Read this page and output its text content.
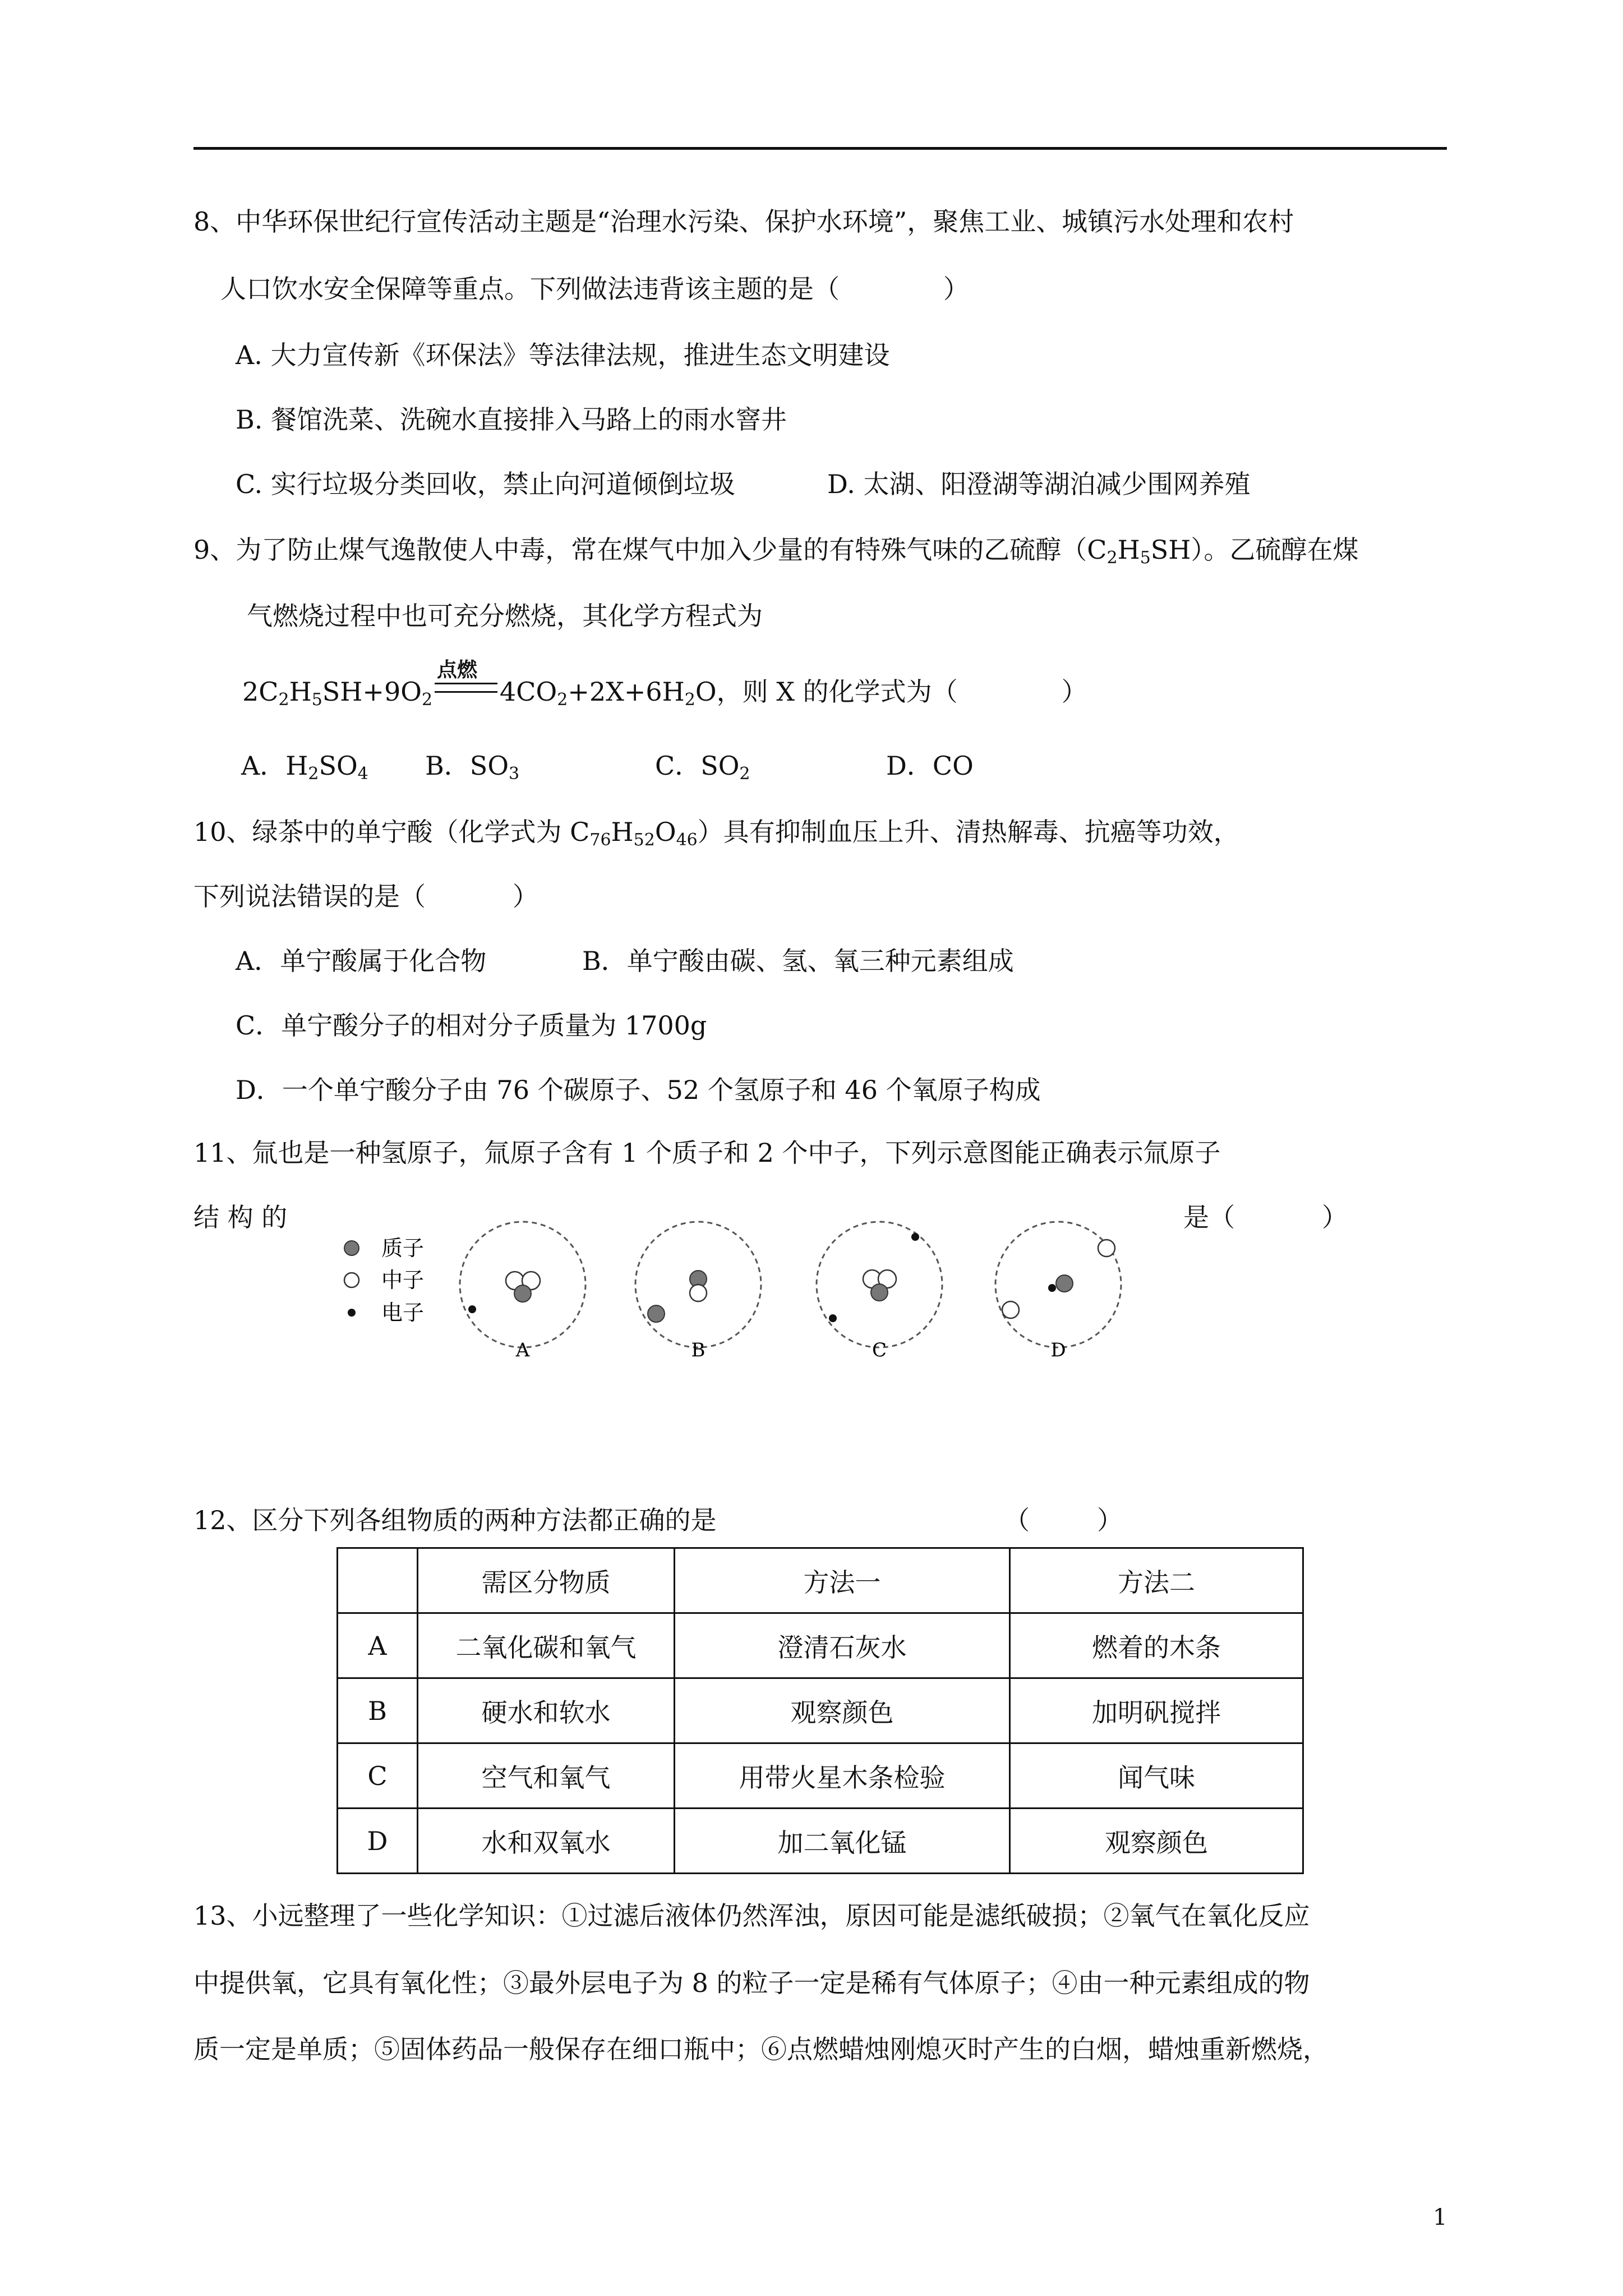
8、中华环保世纪行宣传活动主题是“治理水污染、保护水环境”，聚焦工业、城镇污水处理和农村
人口饮水安全保障等重点。下列做法违背该主题的是（	）
A. 大力宣传新《环保法》等法律法规，推进生态文明建设
B. 餐馆洗菜、洗碗水直接排入马路上的雨水窨井
C. 实行垃圾分类回收，禁止向河道倾倒垃圾	D. 太湖、阳澄湖等湖泊减少围网养殖
9、为了防止煤气逸散使人中毒，常在煤气中加入少量的有特殊气味的乙硫醇$(C_2H_5SH)$。乙硫醇在煤
气燃烧过程中也可充分燃烧，其化学方程式为
$2C_2H_5SH+9O_2$
点燃
$4CO_2+2X+6H_2O$，则 X 的化学式为（	）
A．$H_2SO_4$ B．$SO_3$	C．$SO_2$	D．CO
10、绿茶中的单宁酸（化学式为 $C_{76}H_{52}O_{46}$）具有抑制血压上升、清热解毒、抗癌等功效，
下列说法错误的是（	）
A．单宁酸属于化合物	B．单宁酸由碳、氢、氧三种元素组成
C．单宁酸分子的相对分子质量为 1700g
D．一个单宁酸分子由 76 个碳原子、52 个氢原子和 46 个氧原子构成
11、氚也是一种氢原子，氚原子含有 1 个质子和 2 个中子，下列示意图能正确表示氚原子
结 构 的	是（	）
质子
中子
电子
A	B	C	D
12、区分下列各组物质的两种方法都正确的是	（	）
	需区分物质	方法一	方法二
A	二氧化碳和氧气	澄清石灰水	燃着的木条
B	硬水和软水	观察颜色	加明矾搅拌
C	空气和氧气	用带火星木条检验	闻气味
D	水和双氧水	加二氧化锰	观察颜色
13、小远整理了一些化学知识：①过滤后液体仍然浑浊，原因可能是滤纸破损；②氧气在氧化反应
中提供氧，它具有氧化性；③最外层电子为 8 的粒子一定是稀有气体原子；④由一种元素组成的物
质一定是单质；⑤固体药品一般保存在细口瓶中；⑥点燃蜡烛刚熄灭时产生的白烟，蜡烛重新燃烧，
1
